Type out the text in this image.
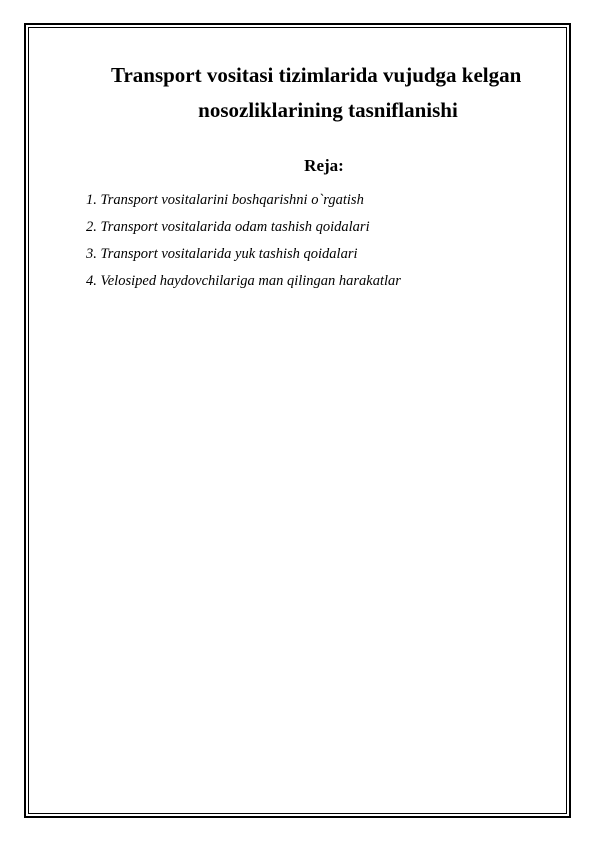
Transport vositasi tizimlarida vujudga kelgan
nosozliklarining tasniflanishi
Reja:
1. Transport vositalarini boshqarishni o`rgatish
2. Transport vositalarida odam tashish qoidalari
3. Transport vositalarida yuk tashish qoidalari
4. Velosiped haydovchilariga man qilingan harakatlar
